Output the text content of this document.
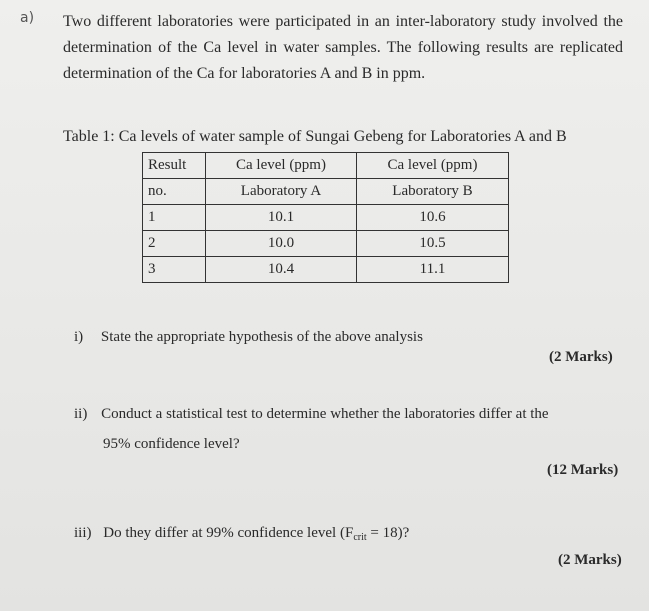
a) Two different laboratories were participated in an inter-laboratory study involved the determination of the Ca level in water samples. The following results are replicated determination of the Ca for laboratories A and B in ppm.
Table 1: Ca levels of water sample of Sungai Gebeng for Laboratories A and B
Result	Ca level (ppm)	Ca level (ppm)
no.	Laboratory A	Laboratory B
1	10.1	10.6
2	10.0	10.5
3	10.4	11.1
i) State the appropriate hypothesis of the above analysis
(2 Marks)
ii) Conduct a statistical test to determine whether the laboratories differ at the
95% confidence level?
(12 Marks)
iii) Do they differ at 99% confidence level $(F_{crit} = 18)$?
(2 Marks)
